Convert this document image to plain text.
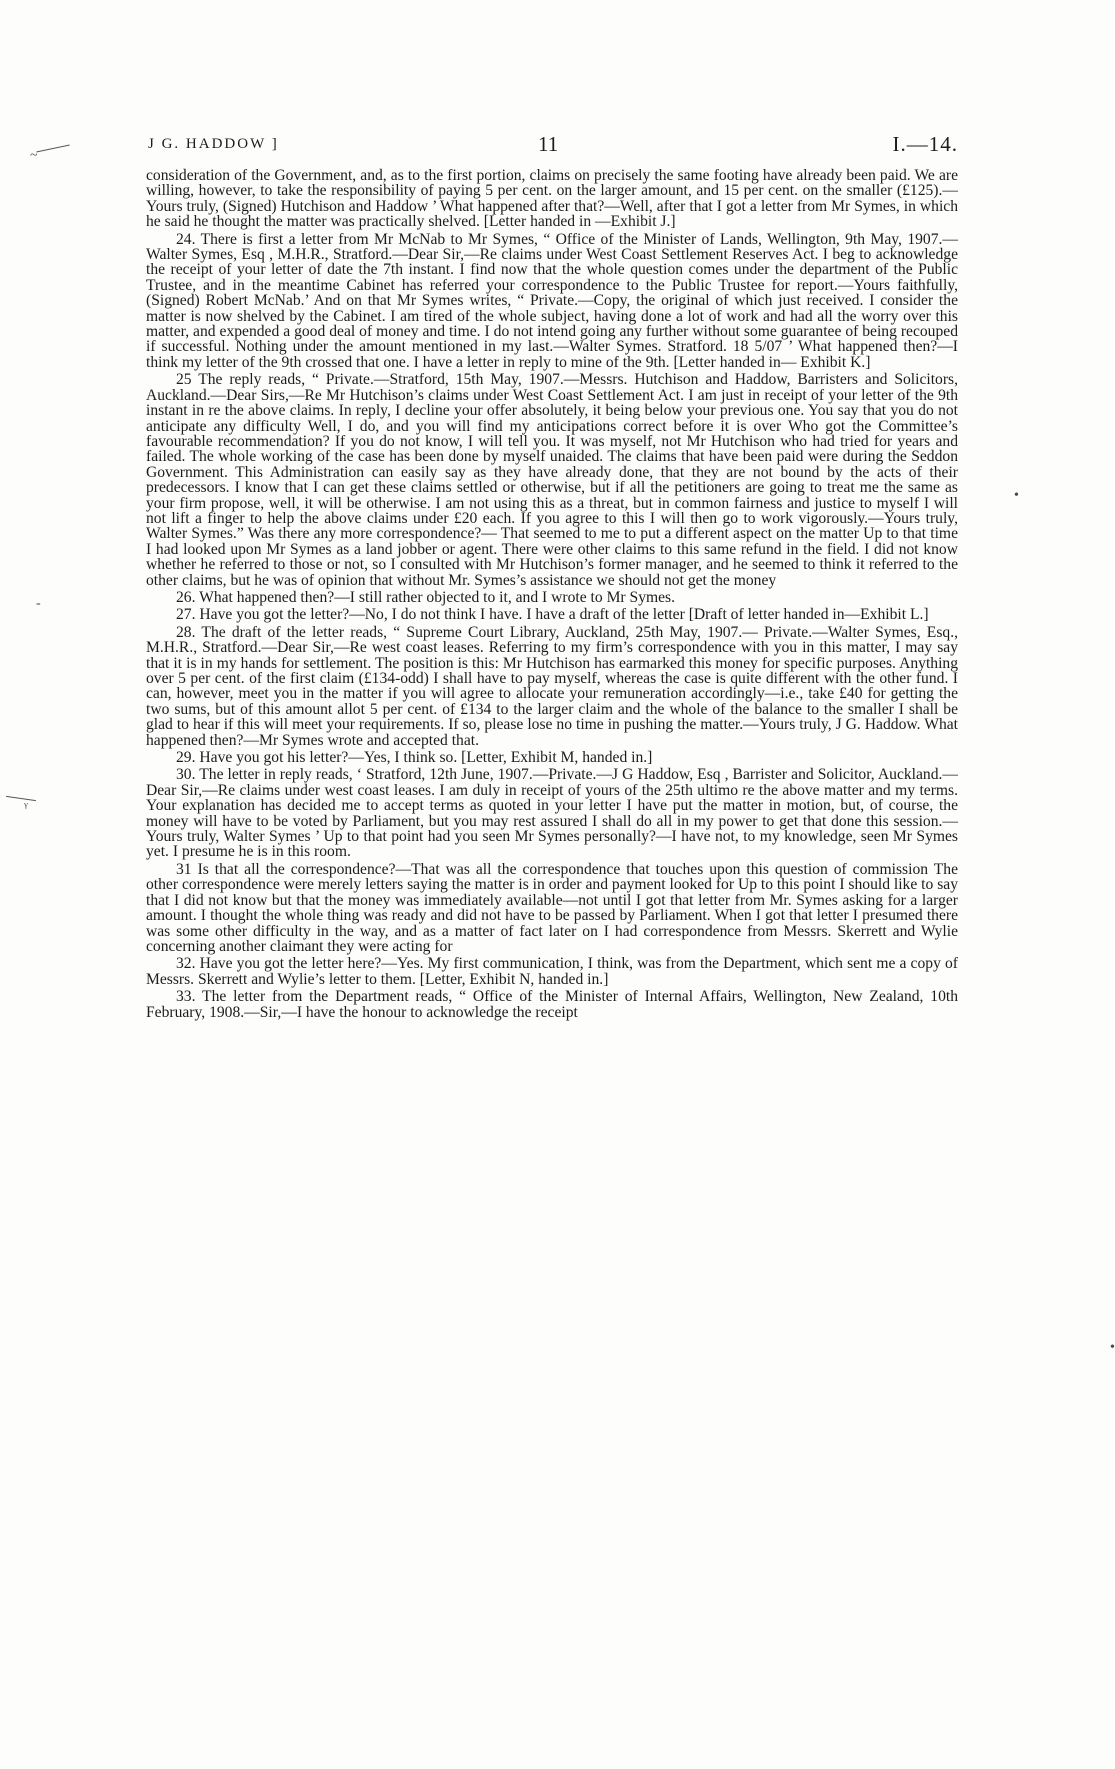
~
ᵞ
•
•
-
J G. HADDOW ]	11	I.—14.

consideration of the Government, and, as to the first portion, claims on precisely the same footing have already been paid. We are willing, however, to take the responsibility of paying 5 per cent. on the larger amount, and 15 per cent. on the smaller (£125).—Yours truly, (Signed) Hutchison and Haddow ’ What happened after that?—Well, after that I got a letter from Mr Symes, in which he said he thought the matter was practically shelved. [Letter handed in —Exhibit J.]

24. There is first a letter from Mr McNab to Mr Symes, “ Office of the Minister of Lands, Wellington, 9th May, 1907.—Walter Symes, Esq , M.H.R., Stratford.—Dear Sir,—Re claims under West Coast Settlement Reserves Act. I beg to acknowledge the receipt of your letter of date the 7th instant. I find now that the whole question comes under the department of the Public Trustee, and in the meantime Cabinet has referred your correspondence to the Public Trustee for report.—Yours faithfully, (Signed) Robert McNab.’ And on that Mr Symes writes, “ Private.—Copy, the original of which just received. I consider the matter is now shelved by the Cabinet. I am tired of the whole subject, having done a lot of work and had all the worry over this matter, and expended a good deal of money and time. I do not intend going any further without some guarantee of being recouped if successful. Nothing under the amount mentioned in my last.—Walter Symes. Stratford. 18 5/07 ’ What happened then?—I think my letter of the 9th crossed that one. I have a letter in reply to mine of the 9th. [Letter handed in— Exhibit K.]

25 The reply reads, “ Private.—Stratford, 15th May, 1907.—Messrs. Hutchison and Haddow, Barristers and Solicitors, Auckland.—Dear Sirs,—Re Mr Hutchison’s claims under West Coast Settlement Act. I am just in receipt of your letter of the 9th instant in re the above claims. In reply, I decline your offer absolutely, it being below your previous one. You say that you do not anticipate any difficulty Well, I do, and you will find my anticipations correct before it is over Who got the Committee’s favourable recommendation? If you do not know, I will tell you. It was myself, not Mr Hutchison who had tried for years and failed. The whole working of the case has been done by myself unaided. The claims that have been paid were during the Seddon Government. This Administration can easily say as they have already done, that they are not bound by the acts of their predecessors. I know that I can get these claims settled or otherwise, but if all the petitioners are going to treat me the same as your firm propose, well, it will be otherwise. I am not using this as a threat, but in common fairness and justice to myself I will not lift a finger to help the above claims under £20 each. If you agree to this I will then go to work vigorously.—Yours truly, Walter Symes.” Was there any more correspondence?— That seemed to me to put a different aspect on the matter Up to that time I had looked upon Mr Symes as a land jobber or agent. There were other claims to this same refund in the field. I did not know whether he referred to those or not, so I consulted with Mr Hutchison’s former manager, and he seemed to think it referred to the other claims, but he was of opinion that without Mr. Symes’s assistance we should not get the money

26. What happened then?—I still rather objected to it, and I wrote to Mr Symes.

27. Have you got the letter?—No, I do not think I have. I have a draft of the letter [Draft of letter handed in—Exhibit L.]

28. The draft of the letter reads, “ Supreme Court Library, Auckland, 25th May, 1907.— Private.—Walter Symes, Esq., M.H.R., Stratford.—Dear Sir,—Re west coast leases. Referring to my firm’s correspondence with you in this matter, I may say that it is in my hands for settlement. The position is this: Mr Hutchison has earmarked this money for specific purposes. Anything over 5 per cent. of the first claim (£134-odd) I shall have to pay myself, whereas the case is quite different with the other fund. I can, however, meet you in the matter if you will agree to allocate your remuneration accordingly—i.e., take £40 for getting the two sums, but of this amount allot 5 per cent. of £134 to the larger claim and the whole of the balance to the smaller I shall be glad to hear if this will meet your requirements. If so, please lose no time in pushing the matter.—Yours truly, J G. Haddow. What happened then?—Mr Symes wrote and accepted that.

29. Have you got his letter?—Yes, I think so. [Letter, Exhibit M, handed in.]

30. The letter in reply reads, ‘ Stratford, 12th June, 1907.—Private.—J G Haddow, Esq , Barrister and Solicitor, Auckland.—Dear Sir,—Re claims under west coast leases. I am duly in receipt of yours of the 25th ultimo re the above matter and my terms. Your explanation has decided me to accept terms as quoted in your letter I have put the matter in motion, but, of course, the money will have to be voted by Parliament, but you may rest assured I shall do all in my power to get that done this session.—Yours truly, Walter Symes ’ Up to that point had you seen Mr Symes personally?—I have not, to my knowledge, seen Mr Symes yet. I presume he is in this room.

31 Is that all the correspondence?—That was all the correspondence that touches upon this question of commission The other correspondence were merely letters saying the matter is in order and payment looked for Up to this point I should like to say that I did not know but that the money was immediately available—not until I got that letter from Mr. Symes asking for a larger amount. I thought the whole thing was ready and did not have to be passed by Parliament. When I got that letter I presumed there was some other difficulty in the way, and as a matter of fact later on I had correspondence from Messrs. Skerrett and Wylie concerning another claimant they were acting for

32. Have you got the letter here?—Yes. My first communication, I think, was from the Department, which sent me a copy of Messrs. Skerrett and Wylie’s letter to them. [Letter, Exhibit N, handed in.]

33. The letter from the Department reads, “ Office of the Minister of Internal Affairs, Wellington, New Zealand, 10th February, 1908.—Sir,—I have the honour to acknowledge the receipt
